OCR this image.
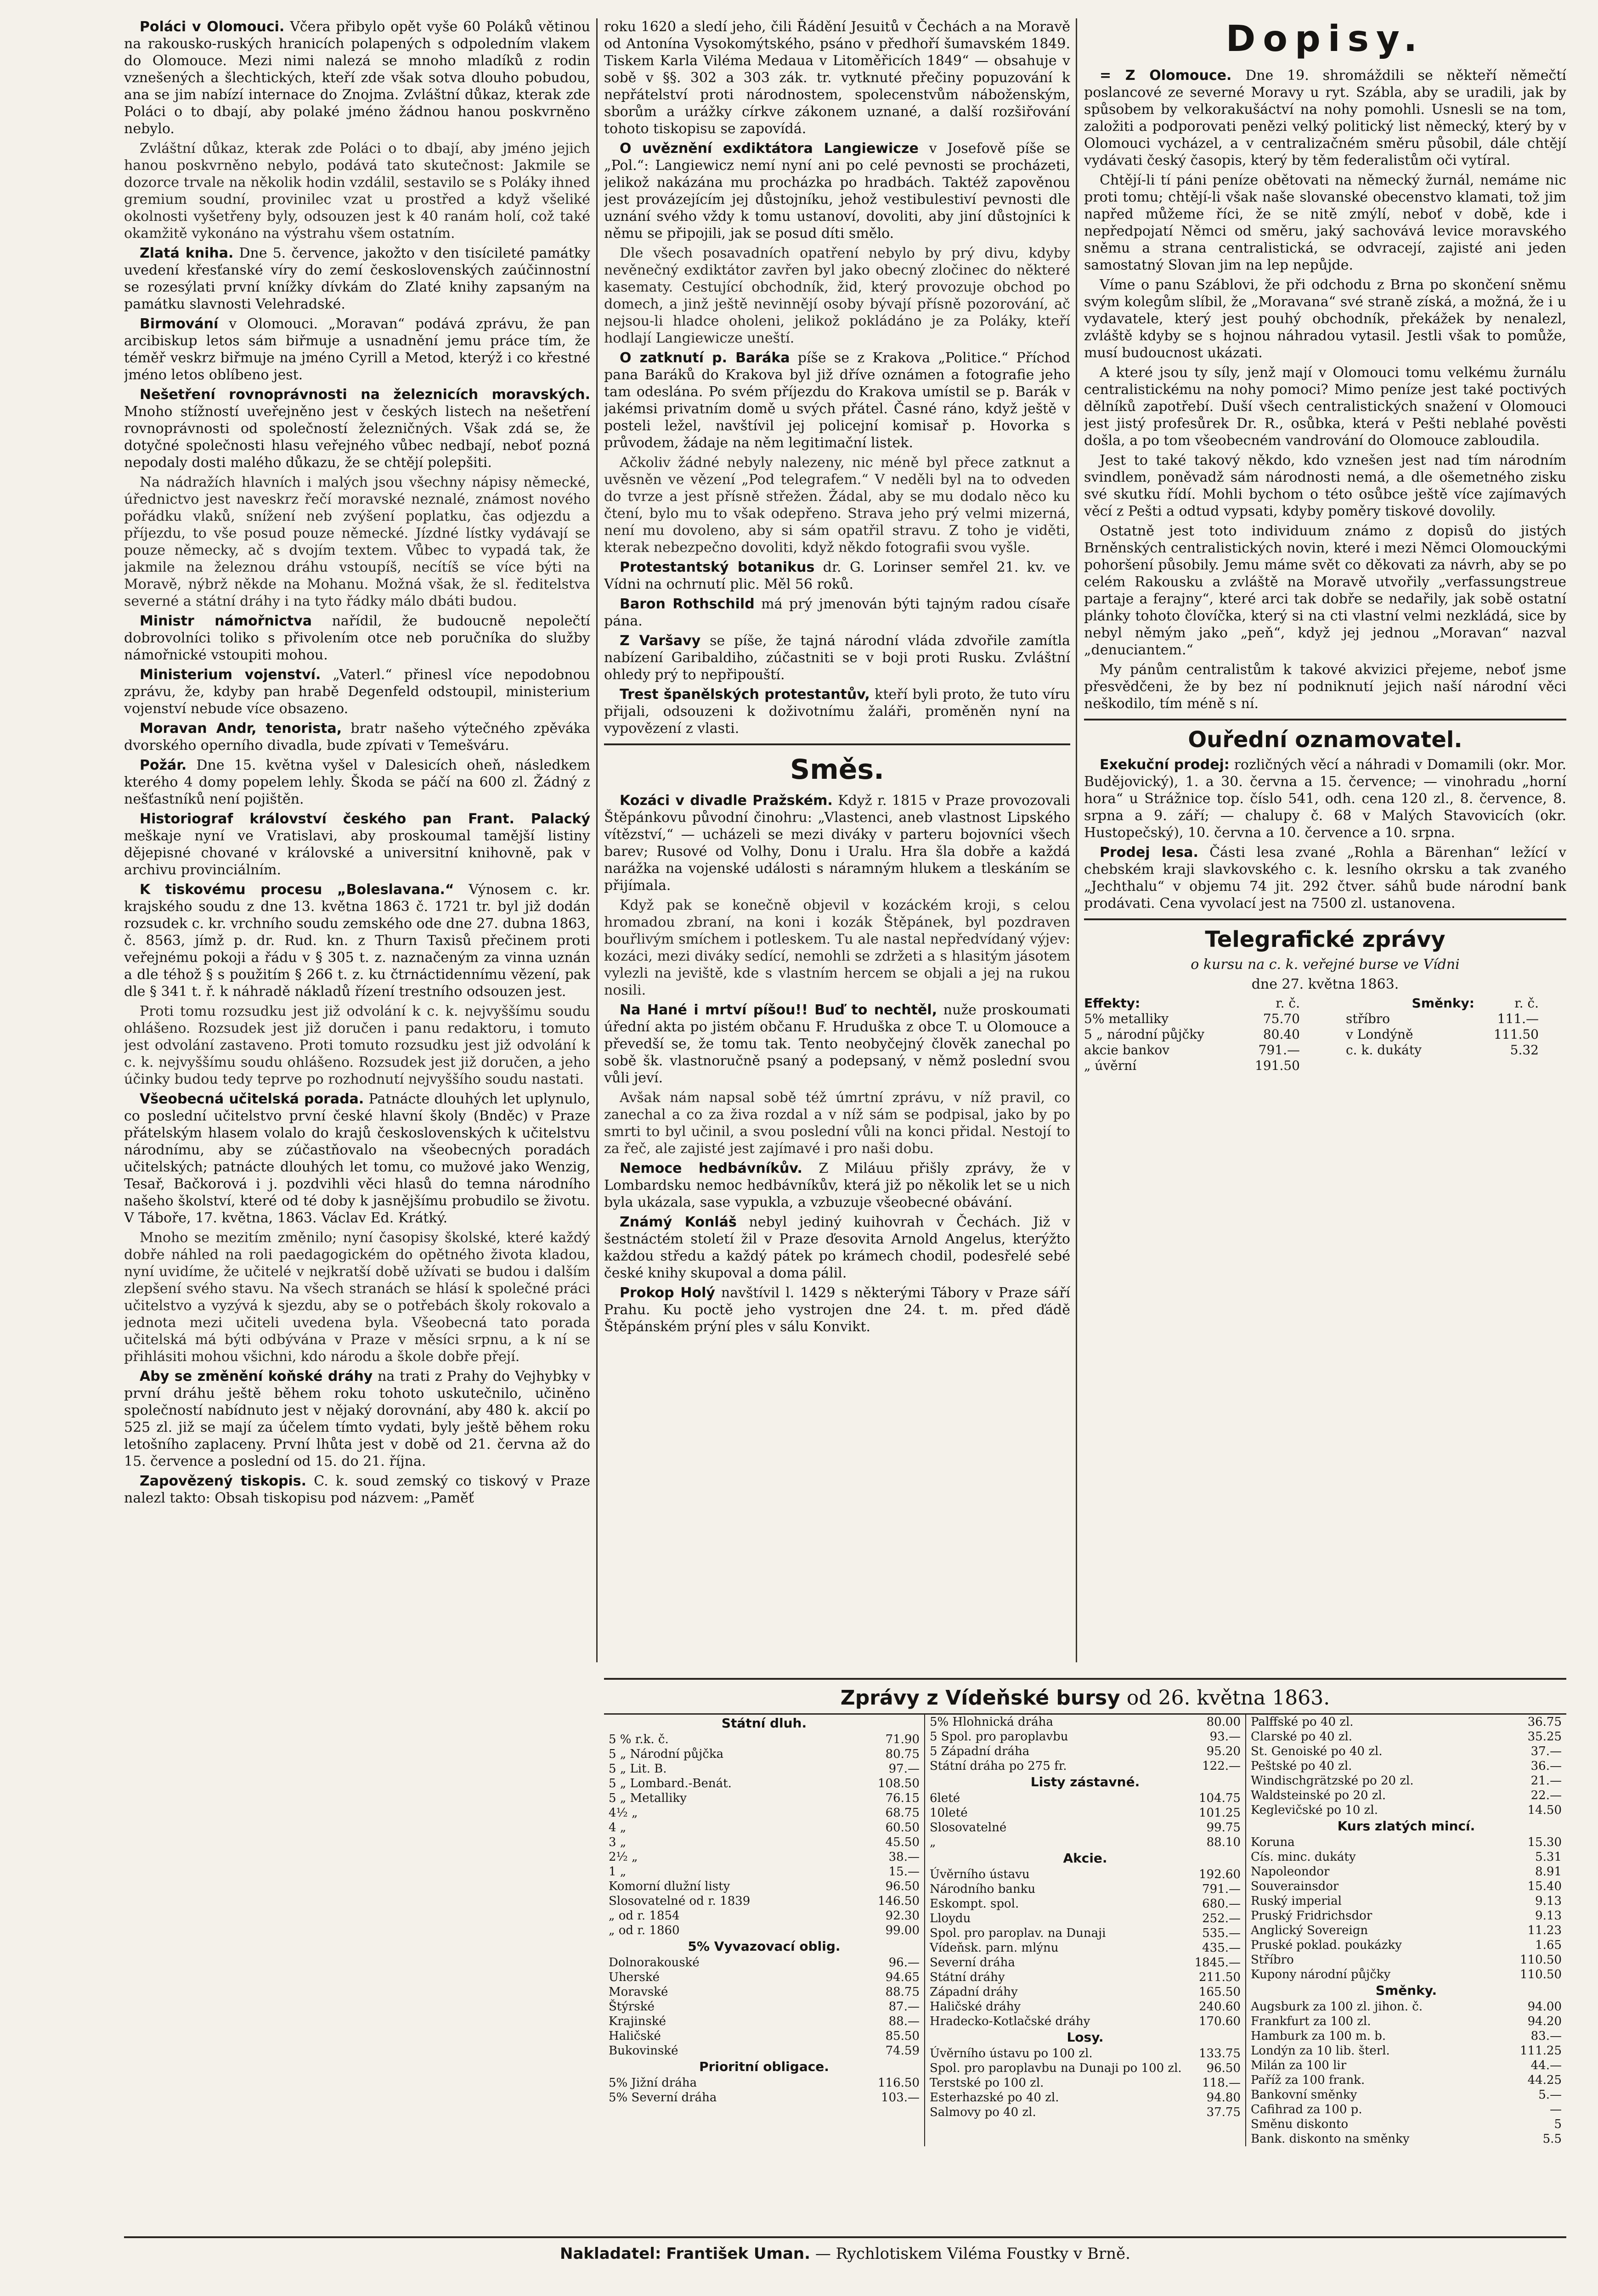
Poláci v Olomouci. Včera přibylo opět vyše 60 Poláků větinou na rakousko-ruských hranicích polapených s odpoledním vlakem do Olomouce. Mezi nimi nalezá se mnoho mladíků z rodin vznešených a šlechtických, kteří zde však sotva dlouho pobudou, ana se jim nabízí internace do Znojma. Zvláštní důkaz, kterak zde Poláci o to dbají, aby polaké jméno žádnou hanou poskvrněno nebylo.

Zvláštní důkaz, kterak zde Poláci o to dbají, aby jméno jejich hanou poskvrněno nebylo, podává tato skutečnost: Jakmile se dozorce trvale na několik hodin vzdálil, sestavilo se s Poláky ihned gremium soudní, provinilec vzat u prostřed a když všeliké okolnosti vyšetřeny byly, odsouzen jest k 40 ranám holí, což také okamžitě vykonáno na výstrahu všem ostatním.

Zlatá kniha. Dne 5. července, jakožto v den tisícileté památky uvedení křesťanské víry do zemí československých zaúčinnostní se rozesýlati první knížky dívkám do Zlaté knihy zapsaným na památku slavnosti Velehradské.

Birmování v Olomouci. „Moravan“ podává zprávu, že pan arcibiskup letos sám biřmuje a usnadnění jemu práce tím, že téměř veskrz biřmuje na jméno Cyrill a Metod, kterýž i co křestné jméno letos oblíbeno jest.

Nešetření rovnoprávnosti na železnicích moravských. Mnoho stížností uveřejněno jest v českých listech na nešetření rovnoprávnosti od společností železničných. Však zdá se, že dotyčné společnosti hlasu veřejného vůbec nedbají, neboť pozná nepodaly dosti malého důkazu, že se chtějí polepšiti.

Na nádražích hlavních i malých jsou všechny nápisy německé, úřednictvo jest naveskrz řečí moravské neznalé, známost nového pořádku vlaků, snížení neb zvýšení poplatku, čas odjezdu a příjezdu, to vše posud pouze německé. Jízdné lístky vydávají se pouze německy, ač s dvojím textem. Vůbec to vypadá tak, že jakmile na železnou dráhu vstoupíš, necítíš se více býti na Moravě, nýbrž někde na Mohanu. Možná však, že sl. ředitelstva severné a státní dráhy i na tyto řádky málo dbáti budou.

Ministr námořnictva nařídil, že budoucně nepolečtí dobrovolníci toliko s přivolením otce neb poručníka do služby námořnické vstoupiti mohou.

Ministerium vojenství. „Vaterl.“ přinesl více nepodobnou zprávu, že, kdyby pan hrabě Degenfeld odstoupil, ministerium vojenství nebude více obsazeno.

Moravan Andr, tenorista, bratr našeho výtečného zpěváka dvorského operního divadla, bude zpívati v Temešváru.

Požár. Dne 15. května vyšel v Dalesicích oheň, následkem kterého 4 domy popelem lehly. Škoda se páčí na 600 zl. Žádný z nešťastníků není pojištěn.

Historiograf království českého pan Frant. Palacký meškaje nyní ve Vratislavi, aby proskoumal tamější listiny dějepisné chované v královské a universitní knihovně, pak v archivu provinciálním.

K tiskovému procesu „Boleslavana.“ Výnosem c. kr. krajského soudu z dne 13. května 1863 č. 1721 tr. byl již dodán rozsudek c. kr. vrchního soudu zemského ode dne 27. dubna 1863, č. 8563, jímž p. dr. Rud. kn. z Thurn Taxisů přečinem proti veřejnému pokoji a řádu v § 305 t. z. naznačeným za vinna uznán a dle téhož § s použitím § 266 t. z. ku čtrnáctidennímu vězení, pak dle § 341 t. ř. k náhradě nákladů řízení trestního odsouzen jest.

Proti tomu rozsudku jest již odvolání k c. k. nejvyššímu soudu ohlášeno. Rozsudek jest již doručen i panu redaktoru, i tomuto jest odvolání zastaveno. Proti tomuto rozsudku jest již odvolání k c. k. nejvyššímu soudu ohlášeno. Rozsudek jest již doručen, a jeho účinky budou tedy teprve po rozhodnutí nejvyššího soudu nastati.

Všeobecná učitelská porada. Patnácte dlouhých let uplynulo, co poslední učitelstvo první české hlavní školy (Bnděc) v Praze přátelským hlasem volalo do krajů československých k učitelstvu národnímu, aby se zúčastňovalo na všeobecných poradách učitelských; patnácte dlouhých let tomu, co mužové jako Wenzig, Tesař, Bačkorová i j. pozdvihli věci hlasů do temna národního našeho školství, které od té doby k jasnějšímu probudilo se životu. V Táboře, 17. května, 1863. Václav Ed. Krátký.

Mnoho se mezitím změnilo; nyní časopisy školské, které každý dobře náhled na roli paedagogickém do opětného života kladou, nyní uvidíme, že učitelé v nejkratší době užívati se budou i dalším zlepšení svého stavu. Na všech stranách se hlásí k společné práci učitelstvo a vyzývá k sjezdu, aby se o potřebách školy rokovalo a jednota mezi učiteli uvedena byla. Všeobecná tato porada učitelská má býti odbývána v Praze v měsíci srpnu, a k ní se přihlásiti mohou všichni, kdo národu a škole dobře přejí.

Aby se změnění koňské dráhy na trati z Prahy do Vejhybky v první dráhu ještě během roku tohoto uskutečnilo, učiněno společností nabídnuto jest v nějaký dorovnání, aby 480 k. akcií po 525 zl. již se mají za účelem tímto vydati, byly ještě během roku letošního zaplaceny. První lhůta jest v době od 21. června až do 15. července a poslední od 15. do 21. října.

Zapovězený tiskopis. C. k. soud zemský co tiskový v Praze nalezl takto: Obsah tiskopisu pod názvem: „Paměť

roku 1620 a sledí jeho, čili Řádění Jesuitů v Čechách a na Moravě od Antonína Vysokomýtského, psáno v předhoří šumavském 1849. Tiskem Karla Viléma Medaua v Litoměřicích 1849“ — obsahuje v sobě v §§. 302 a 303 zák. tr. vytknuté přečiny popuzování k nepřátelství proti národnostem, spolecenstvům náboženským, sborům a urážky církve zákonem uznané, a další rozšiřování tohoto tiskopisu se zapovídá.

O uvěznění exdiktátora Langiewicze v Josefově píše se „Pol.“: Langiewicz nemí nyní ani po celé pevnosti se procházeti, jelikož nakázána mu procházka po hradbách. Taktéž zapověnou jest provázejícím jej důstojníku, jehož vestibulestiví pevnosti dle uznání svého vždy k tomu ustanoví, dovoliti, aby jiní důstojníci k němu se připojili, jak se posud díti smělo.

Dle všech posavadních opatření nebylo by prý divu, kdyby nevěnečný exdiktátor zavřen byl jako obecný zločinec do některé kasematy. Cestující obchodník, žid, který provozuje obchod po domech, a jinž ještě nevinnějí osoby bývají přísně pozorování, ač nejsou-li hladce oholeni, jelikož pokládáno je za Poláky, kteří hodlají Langiewicze uneští.

O zatknutí p. Baráka píše se z Krakova „Politice.“ Příchod pana Baráků do Krakova byl již dříve oznámen a fotografie jeho tam odeslána. Po svém příjezdu do Krakova umístil se p. Barák v jakémsi privatním domě u svých přátel. Časné ráno, když ještě v posteli ležel, navštívil jej policejní komisař p. Hovorka s průvodem, žádaje na něm legitimační listek.

Ačkoliv žádné nebyly nalezeny, nic méně byl přece zatknut a uvěsněn ve vězení „Pod telegrafem.“ V neděli byl na to odveden do tvrze a jest přísně střežen. Žádal, aby se mu dodalo něco ku čtení, bylo mu to však odepřeno. Strava jeho prý velmi mizerná, není mu dovoleno, aby si sám opatřil stravu. Z toho je viděti, kterak nebezpečno dovoliti, když někdo fotografii svou vyšle.

Protestantský botanikus dr. G. Lorinser semřel 21. kv. ve Vídni na ochrnutí plic. Měl 56 roků.

Baron Rothschild má prý jmenován býti tajným radou císaře pána.

Z Varšavy se píše, že tajná národní vláda zdvořile zamítla nabízení Garibaldiho, zúčastniti se v boji proti Rusku. Zvláštní ohledy prý to nepřipouští.

Trest španělských protestantův, kteří byli proto, že tuto víru přijali, odsouzeni k doživotnímu žaláři, proměněn nyní na vypovězení z vlasti.

Směs.

Kozáci v divadle Pražském. Když r. 1815 v Praze provozovali Štěpánkovu původní činohru: „Vlastenci, aneb vlastnost Lipského vítězství,“ — ucházeli se mezi diváky v parteru bojovníci všech barev; Rusové od Volhy, Donu i Uralu. Hra šla dobře a každá narážka na vojenské události s náramným hlukem a tleskáním se přijímala.

Když pak se konečně objevil v kozáckém kroji, s celou hromadou zbraní, na koni i kozák Štěpánek, byl pozdraven bouřlivým smíchem i potleskem. Tu ale nastal nepředvídaný výjev: kozáci, mezi diváky sedící, nemohli se zdržeti a s hlasitým jásotem vylezli na jeviště, kde s vlastním hercem se objali a jej na rukou nosili.

Na Hané i mrtví píšou!! Buď to nechtěl, nuže proskoumati úřední akta po jistém občanu F. Hruduška z obce T. u Olomouce a převedší se, že tomu tak. Tento neobyčejný člověk zanechal po sobě šk. vlastnoručně psaný a podepsaný, v němž poslední svou vůli jeví.

Avšak nám napsal sobě též úmrtní zprávu, v níž pravil, co zanechal a co za živa rozdal a v níž sám se podpisal, jako by po smrti to byl učinil, a svou poslední vůli na konci přidal. Nestojí to za řeč, ale zajisté jest zajímavé i pro naši dobu.

Nemoce hedbávníkův. Z Miláuu přišly zprávy, že v Lombardsku nemoc hedbávníkův, která již po několik let se u nich byla ukázala, sase vypukla, a vzbuzuje všeobecné obávání.

Známý Konláš nebyl jediný kuihovrah v Čechách. Již v šestnáctém století žil v Praze ďesovita Arnold Angelus, kterýžto každou středu a každý pátek po krámech chodil, podesřelé sebé české knihy skupoval a doma pálil.

Prokop Holý navštívil l. 1429 s některými Tábory v Praze sáří Prahu. Ku poctě jeho vystrojen dne 24. t. m. před ďádě Štěpánském prýní ples v sálu Konvikt.

Dopisy.

= Z Olomouce. Dne 19. shromáždili se někteří němečtí poslancové ze severné Moravy u ryt. Szábla, aby se uradili, jak by spůsobem by velkorakušáctví na nohy pomohli. Usnesli se na tom, založiti a podporovati penězi velký politický list německý, který by v Olomouci vycházel, a v centralizačném směru působil, dále chtějí vydávati český časopis, který by těm federalistům oči vytíral.

Chtějí-li tí páni peníze obětovati na německý žurnál, nemáme nic proti tomu; chtějí-li však naše slovanské obecenstvo klamati, tož jim napřed můžeme říci, že se nitě zmýlí, neboť v době, kde i nepředpojatí Němci od směru, jaký sachovává levice moravského sněmu a strana centralistická, se odvracejí, zajisté ani jeden samostatný Slovan jim na lep nepůjde.

Víme o panu Száblovi, že při odchodu z Brna po skončení sněmu svým kolegům slíbil, že „Moravana“ své straně získá, a možná, že i u vydavatele, který jest pouhý obchodník, překážek by nenalezl, zvláště kdyby se s hojnou náhradou vytasil. Jestli však to pomůže, musí budoucnost ukázati.

A které jsou ty síly, jenž mají v Olomouci tomu velkému žurnálu centralistickému na nohy pomoci? Mimo peníze jest také poctivých dělníků zapotřebí. Duší všech centralistických snažení v Olomouci jest jistý profesůrek Dr. R., osůbka, která v Pešti neblahé pověsti došla, a po tom všeobecném vandrování do Olomouce zabloudila.

Jest to také takový někdo, kdo vznešen jest nad tím národním svindlem, poněvadž sám národnosti nemá, a dle ošemetného zisku své skutku řídí. Mohli bychom o této osůbce ještě více zajímavých věcí z Pešti a odtud vypsati, kdyby poměry tiskové dovolily.

Ostatně jest toto individuum známo z dopisů do jistých Brněnských centralistických novin, které i mezi Němci Olomouckými pohoršení působily. Jemu máme svět co děkovati za návrh, aby se po celém Rakousku a zvláště na Moravě utvořily „verfassungstreue partaje a ferajny“, které arci tak dobře se nedařily, jak sobě ostatní plánky tohoto človíčka, který si na cti vlastní velmi nezkládá, sice by nebyl němým jako „peň“, když jej jednou „Moravan“ nazval „denuciantem.“

My pánům centralistům k takové akvizici přejeme, neboť jsme přesvědčeni, že by bez ní podniknutí jejich naší národní věci neškodilo, tím méně s ní.

Ouřední oznamovatel.

Exekuční prodej: rozličných věcí a náhradi v Domamili (okr. Mor. Budějovický), 1. a 30. června a 15. července; — vinohradu „horní hora“ u Strážnice top. číslo 541, odh. cena 120 zl., 8. července, 8. srpna a 9. září; — chalupy č. 68 v Malých Stavovicích (okr. Hustopečský), 10. června a 10. července a 10. srpna.

Prodej lesa. Části lesa zvané „Rohla a Bärenhan“ ležící v chebském kraji slavkovského c. k. lesního okrsku a tak zvaného „Jechthalu“ v objemu 74 jit. 292 čtver. sáhů bude národní bank prodávati. Cena vyvolací jest na 7500 zl. ustanovena.

Telegrafické zprávy

o kursu na c. k. veřejné burse ve Vídni

dne 27. května 1863.

Effekty:	r. č.	Směnky:	r. č.
5% metalliky	75.70	stříbro	111.—
5 „ národní půjčky	80.40	v Londýně	111.50
akcie bankov	791.—	c. k. dukáty	5.32
„ úvěrní	191.50
Zprávy z Vídeňské bursy od 26. května 1863.
Státní dluh.
5 % r.k. č.	71.90
5 „ Národní půjčka	80.75
5 „ Lit. B.	97.—
5 „ Lombard.-Benát.	108.50
5 „ Metalliky	76.15
4½ „	68.75
4 „	60.50
3 „	45.50
2½ „	38.—
1 „	15.—
Komorní dlužní listy	96.50
Slosovatelné od r. 1839	146.50
„ od r. 1854	92.30
„ od r. 1860	99.00
5% Vyvazovací oblig.
Dolnorakouské	96.—
Uherské	94.65
Moravské	88.75
Štýrské	87.—
Krajinské	88.—
Haličské	85.50
Bukovinské	74.59
Prioritní obligace.
5% Jižní dráha	116.50
5% Severní dráha	103.—
5% Hlohnická dráha	80.00
5 Spol. pro paroplavbu	93.—
5 Západní dráha	95.20
Státní dráha po 275 fr.	122.—
Listy zástavné.
6leté	104.75
10leté	101.25
Slosovatelné	99.75
„	88.10
Akcie.
Úvěrního ústavu	192.60
Národního banku	791.—
Eskompt. spol.	680.—
Lloydu	252.—
Spol. pro paroplav. na Dunaji	535.—
Vídeňsk. parn. mlýnu	435.—
Severní dráha	1845.—
Státní dráhy	211.50
Západní dráhy	165.50
Haličské dráhy	240.60
Hradecko-Kotlačské dráhy	170.60
Losy.
Úvěrního ústavu po 100 zl.	133.75
Spol. pro paroplavbu na Dunaji po 100 zl. 96.50
Terstské po 100 zl.	118.—
Esterhazské po 40 zl.	94.80
Salmovy po 40 zl.	37.75
Palffské po 40 zl.	36.75
Clarské po 40 zl.	35.25
St. Genoiské po 40 zl.	37.—
Peštské po 40 zl.	36.—
Windischgrätzské po 20 zl.	21.—
Waldsteinské po 20 zl.	22.—
Keglevičské po 10 zl.	14.50
Kurs zlatých mincí.
Koruna	15.30
Cís. minc. dukáty	5.31
Napoleondor	8.91
Souverainsdor	15.40
Ruský imperial	9.13
Pruský Fridrichsdor	9.13
Anglický Sovereign	11.23
Pruské poklad. poukázky	1.65
Stříbro	110.50
Kupony národní půjčky	110.50
Směnky.
Augsburk za 100 zl. jihon. č.	94.00
Frankfurt za 100 zl.	94.20
Hamburk za 100 m. b.	83.—
Londýn za 10 lib. šterl.	111.25
Milán za 100 lir	44.—
Paříž za 100 frank.	44.25
Bankovní směnky	5.—
Cafihrad za 100 p.	—
Směnu diskonto	5
Bank. diskonto na směnky	5.5
Nakladatel: František Uman. — Rychlotiskem Viléma Foustky v Brně.
